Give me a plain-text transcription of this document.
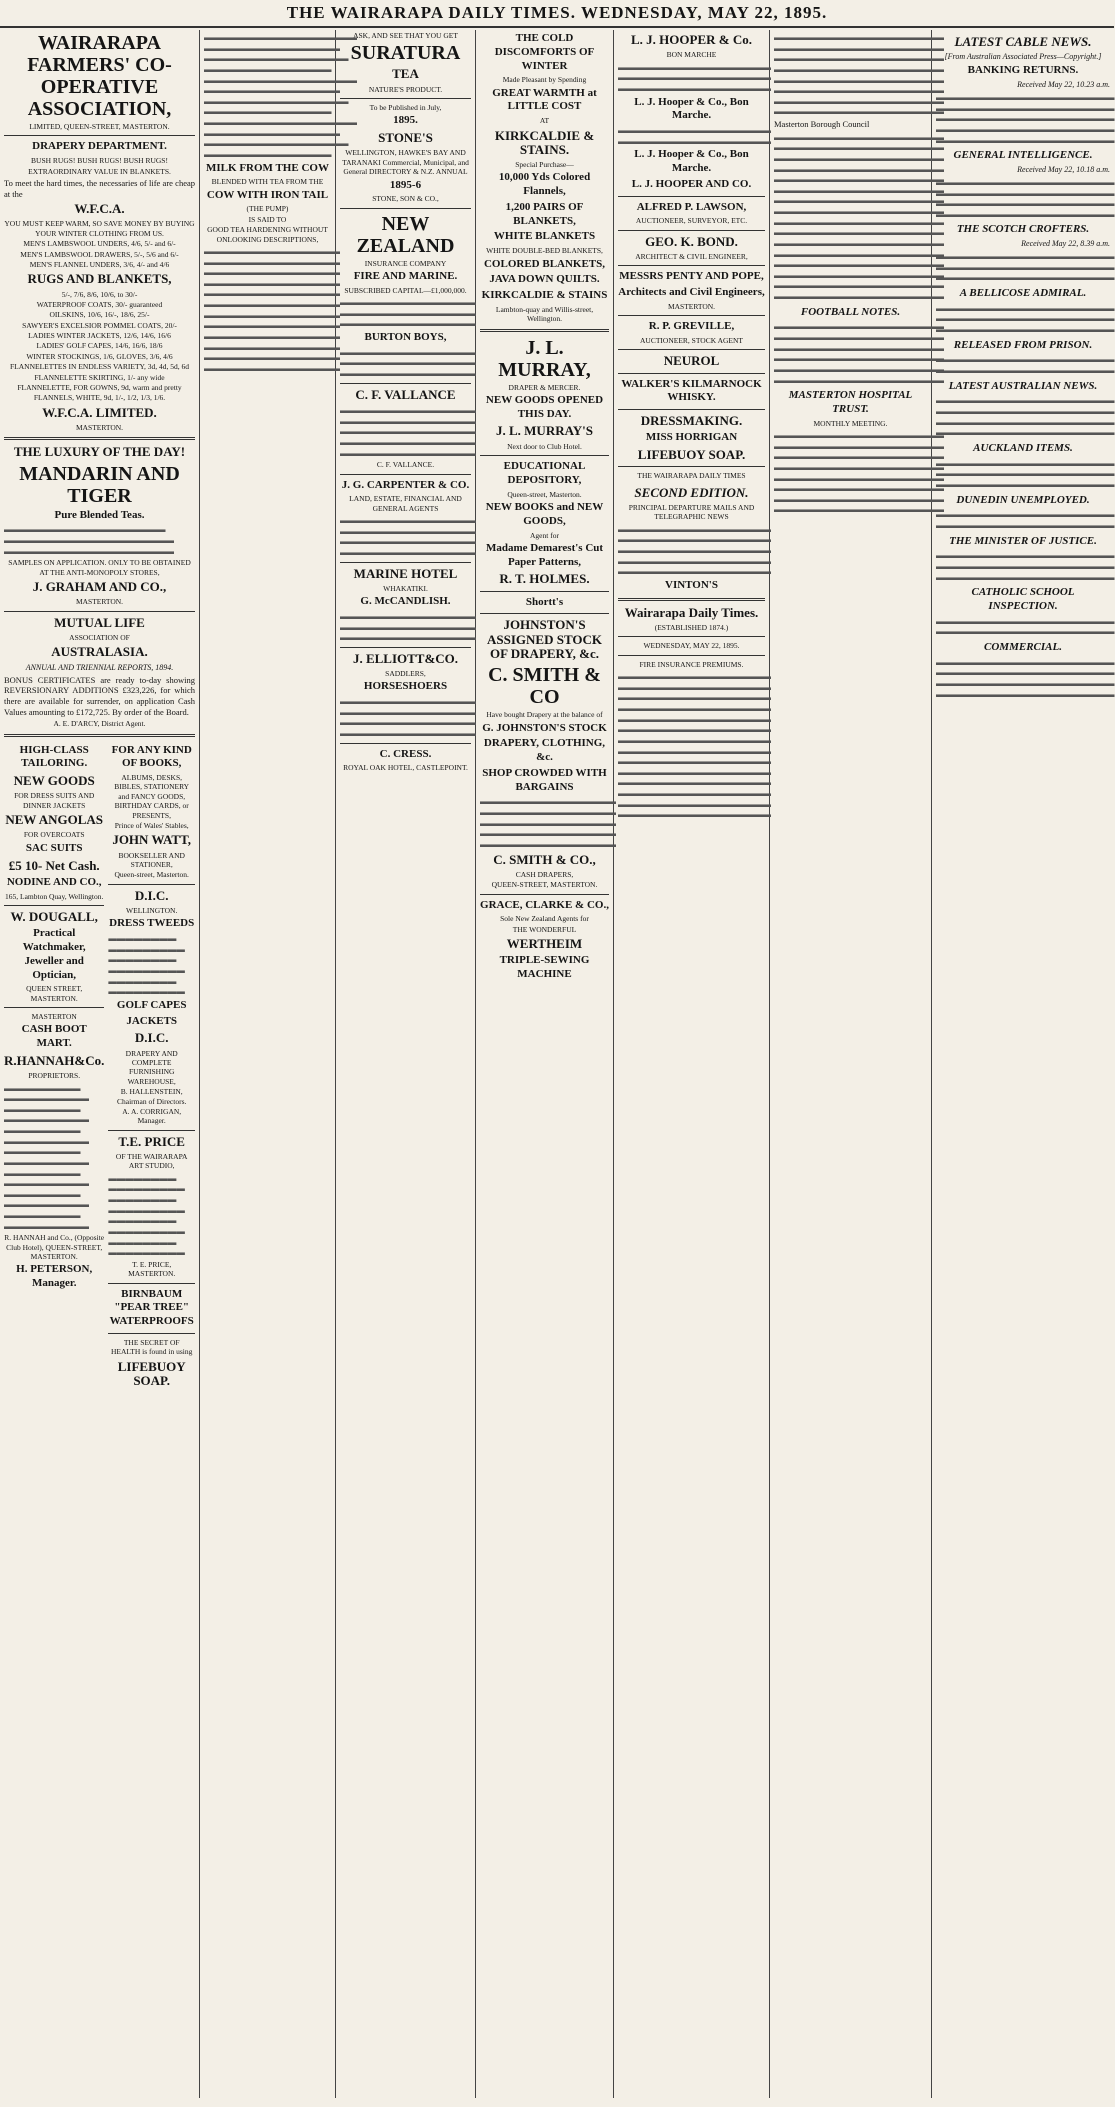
THE WAIRARAPA DAILY TIMES. WEDNESDAY, MAY 22, 1895.
WAIRARAPA FARMERS' CO-OPERATIVE ASSOCIATION,
LIMITED, QUEEN-STREET, MASTERTON.
DRAPERY DEPARTMENT.
BUSH RUGS! BUSH RUGS! BUSH RUGS!
EXTRAORDINARY VALUE IN BLANKETS.

To meet the hard times, the necessaries of life are cheap at the

W.F.C.A.
YOU MUST KEEP WARM, SO SAVE MONEY BY BUYING YOUR WINTER CLOTHING FROM US.
MEN'S LAMBSWOOL UNDERS, 4/6, 5/- and 6/-
MEN'S LAMBSWOOL DRAWERS, 5/-, 5/6 and 6/-
MEN'S FLANNEL UNDERS, 3/6, 4/- and 4/6
RUGS AND BLANKETS,
5/-, 7/6, 8/6, 10/6, to 30/-
WATERPROOF COATS, 30/- guaranteed
OILSKINS, 10/6, 16/-, 18/6, 25/-
SAWYER'S EXCELSIOR POMMEL COATS, 20/-
LADIES WINTER JACKETS, 12/6, 14/6, 16/6
LADIES' GOLF CAPES, 14/6, 16/6, 18/6
WINTER STOCKINGS, 1/6, GLOVES, 3/6, 4/6
FLANNELETTES IN ENDLESS VARIETY, 3d, 4d, 5d, 6d
FLANNELETTE SKIRTING, 1/- any wide
FLANNELETTE, FOR GOWNS, 9d, warm and pretty
FLANNELS, WHITE, 9d, 1/-, 1/2, 1/3, 1/6.
W.F.C.A. LIMITED.
MASTERTON.
THE LUXURY OF THE DAY!
MANDARIN AND TIGER
Pure Blended Teas.

▬▬▬▬▬▬▬▬▬▬▬▬▬▬▬▬▬▬▬ ▬▬▬▬▬▬▬▬▬▬▬▬▬▬▬▬▬▬▬▬ ▬▬▬▬▬▬▬▬▬▬▬▬▬▬▬▬▬▬▬▬

SAMPLES ON APPLICATION. ONLY TO BE OBTAINED AT THE ANTI-MONOPOLY STORES,
J. GRAHAM AND CO.,
MASTERTON.
MUTUAL LIFE
ASSOCIATION OF
AUSTRALASIA.
ANNUAL AND TRIENNIAL REPORTS, 1894.

BONUS CERTIFICATES are ready to-day showing REVERSIONARY ADDITIONS £323,226, for which there are available for surrender, on application Cash Values amounting to £172,725. By order of the Board.

A. E. D'ARCY, District Agent.
HIGH-CLASS TAILORING.
NEW GOODS
FOR DRESS SUITS AND DINNER JACKETS
NEW ANGOLAS
FOR OVERCOATS
SAC SUITS
£5 10- Net Cash.
NODINE AND CO.,
165, Lambton Quay, Wellington.
W. DOUGALL,
Practical Watchmaker, Jeweller and Optician,
QUEEN STREET, MASTERTON.
MASTERTON
CASH BOOT MART.
R.HANNAH&Co.
PROPRIETORS.

▬▬▬▬▬▬▬▬▬ ▬▬▬▬▬▬▬▬▬▬ ▬▬▬▬▬▬▬▬▬ ▬▬▬▬▬▬▬▬▬▬ ▬▬▬▬▬▬▬▬▬ ▬▬▬▬▬▬▬▬▬▬ ▬▬▬▬▬▬▬▬▬ ▬▬▬▬▬▬▬▬▬▬ ▬▬▬▬▬▬▬▬▬ ▬▬▬▬▬▬▬▬▬▬ ▬▬▬▬▬▬▬▬▬ ▬▬▬▬▬▬▬▬▬▬ ▬▬▬▬▬▬▬▬▬ ▬▬▬▬▬▬▬▬▬▬

R. HANNAH and Co., (Opposite Club Hotel), QUEEN-STREET, MASTERTON.
H. PETERSON, Manager.
FOR ANY KIND OF BOOKS,
ALBUMS, DESKS, BIBLES, STATIONERY and FANCY GOODS, BIRTHDAY CARDS, or PRESENTS,
Prince of Wales' Stables,
JOHN WATT,
BOOKSELLER AND STATIONER,
Queen-street, Masterton.
D.I.C.
WELLINGTON.
DRESS TWEEDS

▬▬▬▬▬▬▬▬ ▬▬▬▬▬▬▬▬▬ ▬▬▬▬▬▬▬▬ ▬▬▬▬▬▬▬▬▬ ▬▬▬▬▬▬▬▬ ▬▬▬▬▬▬▬▬▬

GOLF CAPES
JACKETS
D.I.C.
DRAPERY AND COMPLETE FURNISHING WAREHOUSE,
B. HALLENSTEIN, Chairman of Directors.
A. A. CORRIGAN, Manager.
T.E. PRICE
OF THE WAIRARAPA ART STUDIO,

▬▬▬▬▬▬▬▬ ▬▬▬▬▬▬▬▬▬ ▬▬▬▬▬▬▬▬ ▬▬▬▬▬▬▬▬▬ ▬▬▬▬▬▬▬▬ ▬▬▬▬▬▬▬▬▬ ▬▬▬▬▬▬▬▬ ▬▬▬▬▬▬▬▬▬

T. E. PRICE, MASTERTON.
BIRNBAUM "PEAR TREE" WATERPROOFS
THE SECRET OF HEALTH is found in using
LIFEBUOY SOAP.

▬▬▬▬▬▬▬▬▬▬▬▬▬▬▬▬▬▬ ▬▬▬▬▬▬▬▬▬▬▬▬▬▬▬▬ ▬▬▬▬▬▬▬▬▬▬▬▬▬▬▬▬▬ ▬▬▬▬▬▬▬▬▬▬▬▬▬▬▬ ▬▬▬▬▬▬▬▬▬▬▬▬▬▬▬▬▬▬ ▬▬▬▬▬▬▬▬▬▬▬▬▬▬▬▬ ▬▬▬▬▬▬▬▬▬▬▬▬▬▬▬▬▬ ▬▬▬▬▬▬▬▬▬▬▬▬▬▬▬ ▬▬▬▬▬▬▬▬▬▬▬▬▬▬▬▬▬▬ ▬▬▬▬▬▬▬▬▬▬▬▬▬▬▬▬ ▬▬▬▬▬▬▬▬▬▬▬▬▬▬▬▬▬ ▬▬▬▬▬▬▬▬▬▬▬▬▬▬▬

MILK FROM THE COW
BLENDED WITH TEA FROM THE
COW WITH IRON TAIL
(THE PUMP)
IS SAID TO
GOOD TEA HARDENING WITHOUT ONLOOKING DESCRIPTIONS,

▬▬▬▬▬▬▬▬▬▬▬▬▬▬▬▬ ▬▬▬▬▬▬▬▬▬▬▬▬▬▬▬▬ ▬▬▬▬▬▬▬▬▬▬▬▬▬▬▬▬ ▬▬▬▬▬▬▬▬▬▬▬▬▬▬▬▬ ▬▬▬▬▬▬▬▬▬▬▬▬▬▬▬▬ ▬▬▬▬▬▬▬▬▬▬▬▬▬▬▬▬ ▬▬▬▬▬▬▬▬▬▬▬▬▬▬▬▬ ▬▬▬▬▬▬▬▬▬▬▬▬▬▬▬▬ ▬▬▬▬▬▬▬▬▬▬▬▬▬▬▬▬ ▬▬▬▬▬▬▬▬▬▬▬▬▬▬▬▬ ▬▬▬▬▬▬▬▬▬▬▬▬▬▬▬▬ ▬▬▬▬▬▬▬▬▬▬▬▬▬▬▬▬

ASK, AND SEE THAT YOU GET
SURATURA
TEA
NATURE'S PRODUCT.
To be Published in July,
1895.
STONE'S
WELLINGTON, HAWKE'S BAY AND TARANAKI Commercial, Municipal, and General DIRECTORY & N.Z. ANNUAL
1895-6
STONE, SON & CO.,
NEW ZEALAND
INSURANCE COMPANY
FIRE AND MARINE.
SUBSCRIBED CAPITAL—£1,000,000.

▬▬▬▬▬▬▬▬▬▬▬▬▬▬▬▬ ▬▬▬▬▬▬▬▬▬▬▬▬▬▬▬▬ ▬▬▬▬▬▬▬▬▬▬▬▬▬▬▬▬

BURTON BOYS,

▬▬▬▬▬▬▬▬▬▬▬▬▬▬▬▬ ▬▬▬▬▬▬▬▬▬▬▬▬▬▬▬▬ ▬▬▬▬▬▬▬▬▬▬▬▬▬▬▬▬

C. F. VALLANCE

▬▬▬▬▬▬▬▬▬▬▬▬▬▬▬▬ ▬▬▬▬▬▬▬▬▬▬▬▬▬▬▬▬ ▬▬▬▬▬▬▬▬▬▬▬▬▬▬▬▬ ▬▬▬▬▬▬▬▬▬▬▬▬▬▬▬▬ ▬▬▬▬▬▬▬▬▬▬▬▬▬▬▬▬

C. F. VALLANCE.
J. G. CARPENTER & CO.
LAND, ESTATE, FINANCIAL AND GENERAL AGENTS

▬▬▬▬▬▬▬▬▬▬▬▬▬▬▬▬ ▬▬▬▬▬▬▬▬▬▬▬▬▬▬▬▬ ▬▬▬▬▬▬▬▬▬▬▬▬▬▬▬▬ ▬▬▬▬▬▬▬▬▬▬▬▬▬▬▬▬

MARINE HOTEL
WHAKATIKI.
G. McCANDLISH.

▬▬▬▬▬▬▬▬▬▬▬▬▬▬▬▬ ▬▬▬▬▬▬▬▬▬▬▬▬▬▬▬▬ ▬▬▬▬▬▬▬▬▬▬▬▬▬▬▬▬

J. ELLIOTT&CO.
SADDLERS,
HORSESHOERS

▬▬▬▬▬▬▬▬▬▬▬▬▬▬▬▬ ▬▬▬▬▬▬▬▬▬▬▬▬▬▬▬▬ ▬▬▬▬▬▬▬▬▬▬▬▬▬▬▬▬ ▬▬▬▬▬▬▬▬▬▬▬▬▬▬▬▬

C. CRESS.
ROYAL OAK HOTEL, CASTLEPOINT.
THE COLD DISCOMFORTS OF WINTER
Made Pleasant by Spending
GREAT WARMTH at LITTLE COST
AT
KIRKCALDIE & STAINS.
Special Purchase—
10,000 Yds Colored Flannels,
1,200 PAIRS OF BLANKETS,
WHITE BLANKETS
WHITE DOUBLE-BED BLANKETS,
COLORED BLANKETS,
JAVA DOWN QUILTS.
KIRKCALDIE & STAINS
Lambton-quay and Willis-street, Wellington.
J. L. MURRAY,
DRAPER & MERCER.
NEW GOODS OPENED THIS DAY.
J. L. MURRAY'S
Next door to Club Hotel.
EDUCATIONAL DEPOSITORY,
Queen-street, Masterton.
NEW BOOKS and NEW GOODS,
Agent for
Madame Demarest's Cut Paper Patterns,
R. T. HOLMES.
Shortt's
JOHNSTON'S ASSIGNED STOCK OF DRAPERY, &c.
C. SMITH & CO
Have bought Drapery at the balance of
G. JOHNSTON'S STOCK
DRAPERY, CLOTHING, &c.
SHOP CROWDED WITH BARGAINS

▬▬▬▬▬▬▬▬▬▬▬▬▬▬▬▬ ▬▬▬▬▬▬▬▬▬▬▬▬▬▬▬▬ ▬▬▬▬▬▬▬▬▬▬▬▬▬▬▬▬ ▬▬▬▬▬▬▬▬▬▬▬▬▬▬▬▬ ▬▬▬▬▬▬▬▬▬▬▬▬▬▬▬▬

C. SMITH & CO.,
CASH DRAPERS,
QUEEN-STREET, MASTERTON.
GRACE, CLARKE & CO.,
Sole New Zealand Agents for
THE WONDERFUL
WERTHEIM
TRIPLE-SEWING MACHINE
L. J. HOOPER & Co.
BON MARCHE

▬▬▬▬▬▬▬▬▬▬▬▬▬▬▬▬▬▬ ▬▬▬▬▬▬▬▬▬▬▬▬▬▬▬▬▬▬ ▬▬▬▬▬▬▬▬▬▬▬▬▬▬▬▬▬▬

L. J. Hooper & Co., Bon Marche.

▬▬▬▬▬▬▬▬▬▬▬▬▬▬▬▬▬▬ ▬▬▬▬▬▬▬▬▬▬▬▬▬▬▬▬▬▬

L. J. Hooper & Co., Bon Marche.
L. J. HOOPER AND CO.
ALFRED P. LAWSON,
AUCTIONEER, SURVEYOR, ETC.
GEO. K. BOND.
ARCHITECT & CIVIL ENGINEER,
MESSRS PENTY AND POPE,
Architects and Civil Engineers,
MASTERTON.
R. P. GREVILLE,
AUCTIONEER, STOCK AGENT
NEUROL
WALKER'S KILMARNOCK WHISKY.
DRESSMAKING.
MISS HORRIGAN
LIFEBUOY SOAP.
THE WAIRARAPA DAILY TIMES
SECOND EDITION.
PRINCIPAL DEPARTURE MAILS AND TELEGRAPHIC NEWS

▬▬▬▬▬▬▬▬▬▬▬▬▬▬▬▬▬▬ ▬▬▬▬▬▬▬▬▬▬▬▬▬▬▬▬▬▬ ▬▬▬▬▬▬▬▬▬▬▬▬▬▬▬▬▬▬ ▬▬▬▬▬▬▬▬▬▬▬▬▬▬▬▬▬▬ ▬▬▬▬▬▬▬▬▬▬▬▬▬▬▬▬▬▬

VINTON'S
Wairarapa Daily Times.
(ESTABLISHED 1874.)
WEDNESDAY, MAY 22, 1895.
FIRE INSURANCE PREMIUMS.

▬▬▬▬▬▬▬▬▬▬▬▬▬▬▬▬▬▬ ▬▬▬▬▬▬▬▬▬▬▬▬▬▬▬▬▬▬ ▬▬▬▬▬▬▬▬▬▬▬▬▬▬▬▬▬▬ ▬▬▬▬▬▬▬▬▬▬▬▬▬▬▬▬▬▬ ▬▬▬▬▬▬▬▬▬▬▬▬▬▬▬▬▬▬ ▬▬▬▬▬▬▬▬▬▬▬▬▬▬▬▬▬▬ ▬▬▬▬▬▬▬▬▬▬▬▬▬▬▬▬▬▬ ▬▬▬▬▬▬▬▬▬▬▬▬▬▬▬▬▬▬ ▬▬▬▬▬▬▬▬▬▬▬▬▬▬▬▬▬▬ ▬▬▬▬▬▬▬▬▬▬▬▬▬▬▬▬▬▬ ▬▬▬▬▬▬▬▬▬▬▬▬▬▬▬▬▬▬ ▬▬▬▬▬▬▬▬▬▬▬▬▬▬▬▬▬▬ ▬▬▬▬▬▬▬▬▬▬▬▬▬▬▬▬▬▬ ▬▬▬▬▬▬▬▬▬▬▬▬▬▬▬▬▬▬

▬▬▬▬▬▬▬▬▬▬▬▬▬▬▬▬▬▬▬▬ ▬▬▬▬▬▬▬▬▬▬▬▬▬▬▬▬▬▬▬▬ ▬▬▬▬▬▬▬▬▬▬▬▬▬▬▬▬▬▬▬▬ ▬▬▬▬▬▬▬▬▬▬▬▬▬▬▬▬▬▬▬▬ ▬▬▬▬▬▬▬▬▬▬▬▬▬▬▬▬▬▬▬▬ ▬▬▬▬▬▬▬▬▬▬▬▬▬▬▬▬▬▬▬▬ ▬▬▬▬▬▬▬▬▬▬▬▬▬▬▬▬▬▬▬▬ ▬▬▬▬▬▬▬▬▬▬▬▬▬▬▬▬▬▬▬▬

Masterton Borough Council

▬▬▬▬▬▬▬▬▬▬▬▬▬▬▬▬▬▬▬▬ ▬▬▬▬▬▬▬▬▬▬▬▬▬▬▬▬▬▬▬▬ ▬▬▬▬▬▬▬▬▬▬▬▬▬▬▬▬▬▬▬▬ ▬▬▬▬▬▬▬▬▬▬▬▬▬▬▬▬▬▬▬▬ ▬▬▬▬▬▬▬▬▬▬▬▬▬▬▬▬▬▬▬▬ ▬▬▬▬▬▬▬▬▬▬▬▬▬▬▬▬▬▬▬▬ ▬▬▬▬▬▬▬▬▬▬▬▬▬▬▬▬▬▬▬▬ ▬▬▬▬▬▬▬▬▬▬▬▬▬▬▬▬▬▬▬▬ ▬▬▬▬▬▬▬▬▬▬▬▬▬▬▬▬▬▬▬▬ ▬▬▬▬▬▬▬▬▬▬▬▬▬▬▬▬▬▬▬▬ ▬▬▬▬▬▬▬▬▬▬▬▬▬▬▬▬▬▬▬▬ ▬▬▬▬▬▬▬▬▬▬▬▬▬▬▬▬▬▬▬▬ ▬▬▬▬▬▬▬▬▬▬▬▬▬▬▬▬▬▬▬▬ ▬▬▬▬▬▬▬▬▬▬▬▬▬▬▬▬▬▬▬▬ ▬▬▬▬▬▬▬▬▬▬▬▬▬▬▬▬▬▬▬▬ ▬▬▬▬▬▬▬▬▬▬▬▬▬▬▬▬▬▬▬▬

FOOTBALL NOTES.

▬▬▬▬▬▬▬▬▬▬▬▬▬▬▬▬▬▬▬▬ ▬▬▬▬▬▬▬▬▬▬▬▬▬▬▬▬▬▬▬▬ ▬▬▬▬▬▬▬▬▬▬▬▬▬▬▬▬▬▬▬▬ ▬▬▬▬▬▬▬▬▬▬▬▬▬▬▬▬▬▬▬▬ ▬▬▬▬▬▬▬▬▬▬▬▬▬▬▬▬▬▬▬▬ ▬▬▬▬▬▬▬▬▬▬▬▬▬▬▬▬▬▬▬▬

MASTERTON HOSPITAL TRUST.
MONTHLY MEETING.

▬▬▬▬▬▬▬▬▬▬▬▬▬▬▬▬▬▬▬▬ ▬▬▬▬▬▬▬▬▬▬▬▬▬▬▬▬▬▬▬▬ ▬▬▬▬▬▬▬▬▬▬▬▬▬▬▬▬▬▬▬▬ ▬▬▬▬▬▬▬▬▬▬▬▬▬▬▬▬▬▬▬▬ ▬▬▬▬▬▬▬▬▬▬▬▬▬▬▬▬▬▬▬▬ ▬▬▬▬▬▬▬▬▬▬▬▬▬▬▬▬▬▬▬▬ ▬▬▬▬▬▬▬▬▬▬▬▬▬▬▬▬▬▬▬▬ ▬▬▬▬▬▬▬▬▬▬▬▬▬▬▬▬▬▬▬▬

LATEST CABLE NEWS.
[From Australian Associated Press—Copyright.]
BANKING RETURNS.
Received May 22, 10.23 a.m.

▬▬▬▬▬▬▬▬▬▬▬▬▬▬▬▬▬▬▬▬▬ ▬▬▬▬▬▬▬▬▬▬▬▬▬▬▬▬▬▬▬▬▬ ▬▬▬▬▬▬▬▬▬▬▬▬▬▬▬▬▬▬▬▬▬ ▬▬▬▬▬▬▬▬▬▬▬▬▬▬▬▬▬▬▬▬▬ ▬▬▬▬▬▬▬▬▬▬▬▬▬▬▬▬▬▬▬▬▬

GENERAL INTELLIGENCE.
Received May 22, 10.18 a.m.

▬▬▬▬▬▬▬▬▬▬▬▬▬▬▬▬▬▬▬▬▬ ▬▬▬▬▬▬▬▬▬▬▬▬▬▬▬▬▬▬▬▬▬ ▬▬▬▬▬▬▬▬▬▬▬▬▬▬▬▬▬▬▬▬▬ ▬▬▬▬▬▬▬▬▬▬▬▬▬▬▬▬▬▬▬▬▬

THE SCOTCH CROFTERS.
Received May 22, 8.39 a.m.

▬▬▬▬▬▬▬▬▬▬▬▬▬▬▬▬▬▬▬▬▬ ▬▬▬▬▬▬▬▬▬▬▬▬▬▬▬▬▬▬▬▬▬ ▬▬▬▬▬▬▬▬▬▬▬▬▬▬▬▬▬▬▬▬▬

A BELLICOSE ADMIRAL.

▬▬▬▬▬▬▬▬▬▬▬▬▬▬▬▬▬▬▬▬▬ ▬▬▬▬▬▬▬▬▬▬▬▬▬▬▬▬▬▬▬▬▬ ▬▬▬▬▬▬▬▬▬▬▬▬▬▬▬▬▬▬▬▬▬

RELEASED FROM PRISON.

▬▬▬▬▬▬▬▬▬▬▬▬▬▬▬▬▬▬▬▬▬ ▬▬▬▬▬▬▬▬▬▬▬▬▬▬▬▬▬▬▬▬▬

LATEST AUSTRALIAN NEWS.

▬▬▬▬▬▬▬▬▬▬▬▬▬▬▬▬▬▬▬▬▬ ▬▬▬▬▬▬▬▬▬▬▬▬▬▬▬▬▬▬▬▬▬ ▬▬▬▬▬▬▬▬▬▬▬▬▬▬▬▬▬▬▬▬▬ ▬▬▬▬▬▬▬▬▬▬▬▬▬▬▬▬▬▬▬▬▬

AUCKLAND ITEMS.

▬▬▬▬▬▬▬▬▬▬▬▬▬▬▬▬▬▬▬▬▬ ▬▬▬▬▬▬▬▬▬▬▬▬▬▬▬▬▬▬▬▬▬ ▬▬▬▬▬▬▬▬▬▬▬▬▬▬▬▬▬▬▬▬▬

DUNEDIN UNEMPLOYED.

▬▬▬▬▬▬▬▬▬▬▬▬▬▬▬▬▬▬▬▬▬ ▬▬▬▬▬▬▬▬▬▬▬▬▬▬▬▬▬▬▬▬▬

THE MINISTER OF JUSTICE.

▬▬▬▬▬▬▬▬▬▬▬▬▬▬▬▬▬▬▬▬▬ ▬▬▬▬▬▬▬▬▬▬▬▬▬▬▬▬▬▬▬▬▬ ▬▬▬▬▬▬▬▬▬▬▬▬▬▬▬▬▬▬▬▬▬

CATHOLIC SCHOOL INSPECTION.

▬▬▬▬▬▬▬▬▬▬▬▬▬▬▬▬▬▬▬▬▬ ▬▬▬▬▬▬▬▬▬▬▬▬▬▬▬▬▬▬▬▬▬

COMMERCIAL.

▬▬▬▬▬▬▬▬▬▬▬▬▬▬▬▬▬▬▬▬▬ ▬▬▬▬▬▬▬▬▬▬▬▬▬▬▬▬▬▬▬▬▬ ▬▬▬▬▬▬▬▬▬▬▬▬▬▬▬▬▬▬▬▬▬ ▬▬▬▬▬▬▬▬▬▬▬▬▬▬▬▬▬▬▬▬▬
